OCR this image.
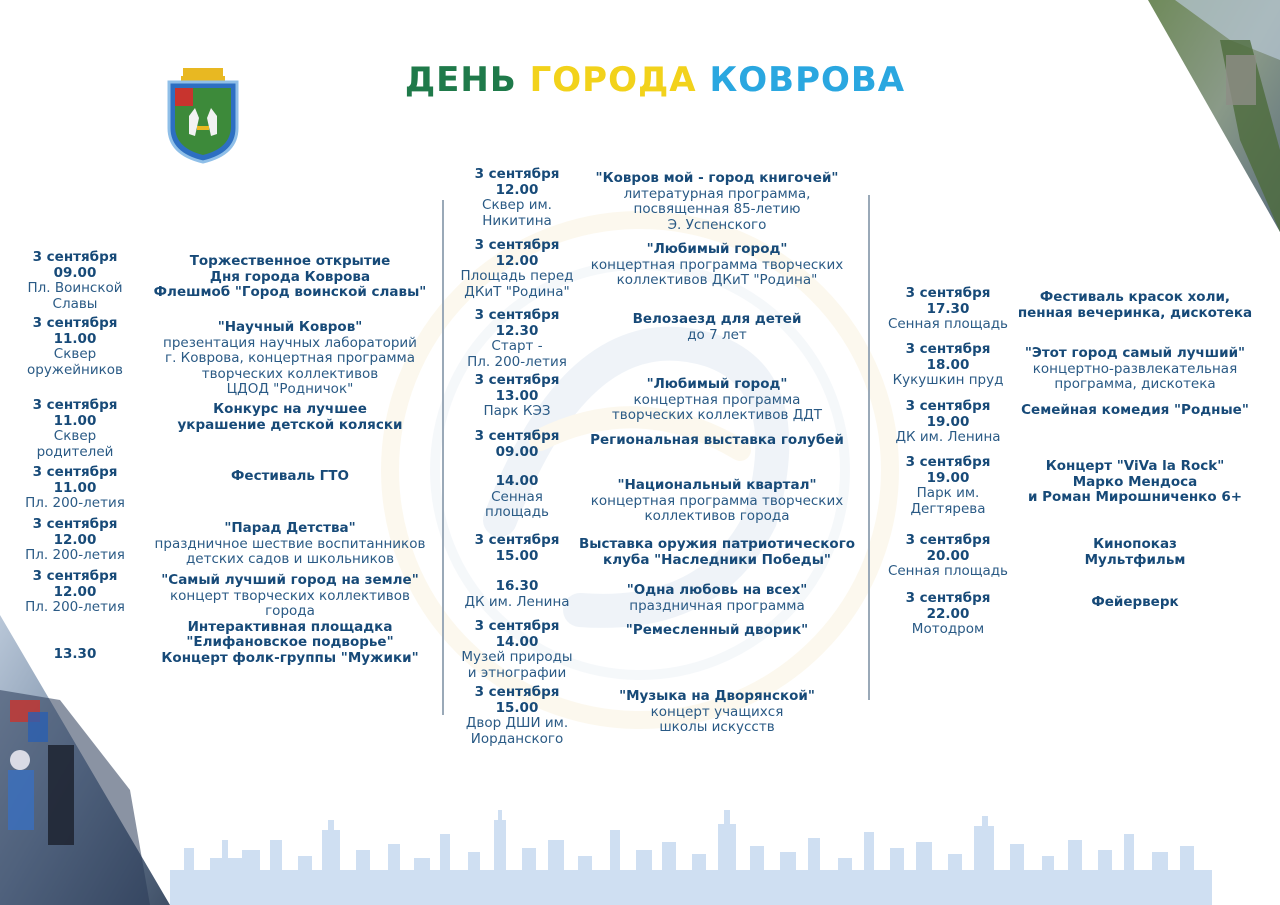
ДЕНЬ ГОРОДА КОВРОВА
3 сентября
09.00
Пл. Воинской
Славы
Торжественное открытие
Дня города Коврова
Флешмоб "Город воинской славы"
3 сентября
11.00
Сквер
оружейников
"Научный Ковров"
презентация научных лабораторий
г. Коврова, концертная программа
творческих коллективов
ЦДОД "Родничок"
3 сентября
11.00
Сквер
родителей
Конкурс на лучшее
украшение детской коляски
3 сентября
11.00
Пл. 200-летия
Фестиваль ГТО
3 сентября
12.00
Пл. 200-летия
"Парад Детства"
праздничное шествие воспитанников
детских садов и школьников
3 сентября
12.00
Пл. 200-летия
"Самый лучший город на земле"
концерт творческих коллективов
города
Интерактивная площадка
"Елифановское подворье"
13.30	Концерт фолк-группы "Мужики"
3 сентября
12.00
Сквер им.
Никитина
"Ковров мой - город книгочей"
литературная программа,
посвященная 85-летию
Э. Успенского
3 сентября
12.00
Площадь перед
ДКиТ "Родина"
"Любимый город"
концертная программа творческих
коллективов ДКиТ "Родина"
3 сентября
12.30
Старт -
Пл. 200-летия
Велозаезд для детей
до 7 лет
3 сентября
13.00
Парк КЭЗ
"Любимый город"
концертная программа
творческих коллективов ДДТ
3 сентября
09.00
Региональная выставка голубей
14.00
Сенная
площадь
"Национальный квартал"
концертная программа творческих
коллективов города
3 сентября
15.00
Выставка оружия патриотического
клуба "Наследники Победы"
16.30
ДК им. Ленина
"Одна любовь на всех"
праздничная программа
3 сентября
14.00
Музей природы
и этнографии
"Ремесленный дворик"
3 сентября
15.00
Двор ДШИ им.
Иорданского
"Музыка на Дворянской"
концерт учащихся
школы искусств
3 сентября
17.30
Сенная площадь
Фестиваль красок холи,
пенная вечеринка, дискотека
3 сентября
18.00
Кукушкин пруд
"Этот город самый лучший"
концертно-развлекательная
программа, дискотека
3 сентября
19.00
ДК им. Ленина
Семейная комедия "Родные"
3 сентября
19.00
Парк им.
Дегтярева
Концерт "ViVa la Rock"
Марко Мендоса
и Роман Мирошниченко 6+
3 сентября
20.00
Сенная площадь
Кинопоказ
Мультфильм
3 сентября
22.00
Мотодром
Фейерверк
